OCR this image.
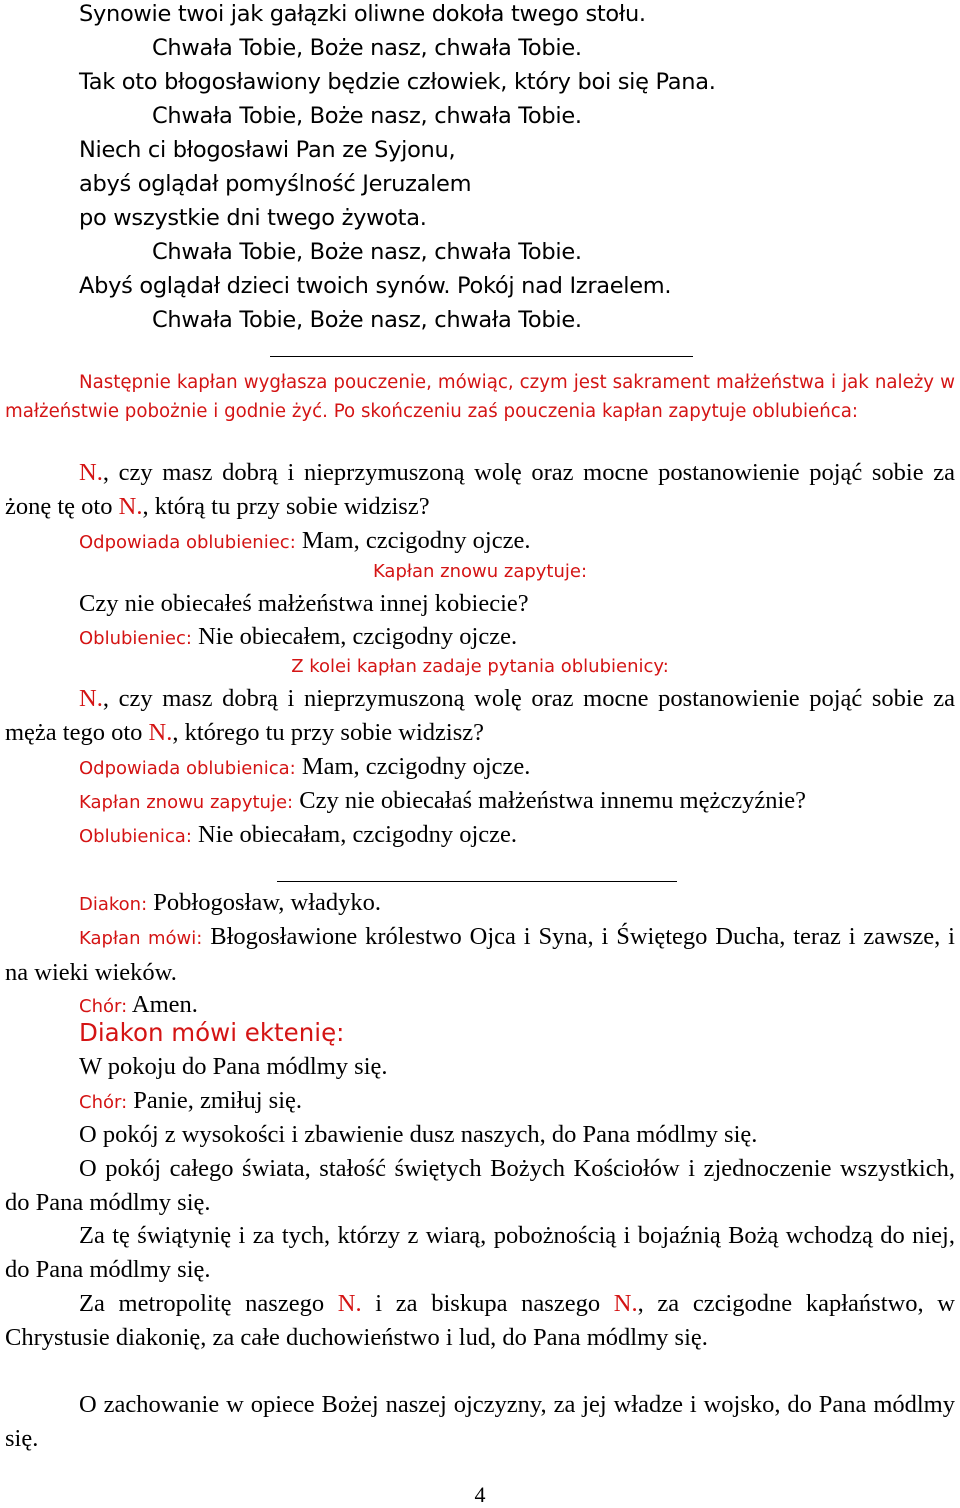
Synowie twoi jak gałązki oliwne dokoła twego stołu.
Chwała Tobie, Boże nasz, chwała Tobie.
Tak oto błogosławiony będzie człowiek, który boi się Pana.
Chwała Tobie, Boże nasz, chwała Tobie.
Niech ci błogosławi Pan ze Syjonu,
abyś oglądał pomyślność Jeruzalem
po wszystkie dni twego żywota.
Chwała Tobie, Boże nasz, chwała Tobie.
Abyś oglądał dzieci twoich synów. Pokój nad Izraelem.
Chwała Tobie, Boże nasz, chwała Tobie.
Następnie kapłan wygłasza pouczenie, mówiąc, czym jest sakrament małżeństwa i jak należy w małżeństwie pobożnie i godnie żyć. Po skończeniu zaś pouczenia kapłan zapytuje oblubieńca:
N., czy masz dobrą i nieprzymuszoną wolę oraz mocne postanowienie pojąć sobie za żonę tę oto N., którą tu przy sobie widzisz?
Odpowiada oblubieniec: Mam, czcigodny ojcze.
Kapłan znowu zapytuje:
Czy nie obiecałeś małżeństwa innej kobiecie?
Oblubieniec: Nie obiecałem, czcigodny ojcze.
Z kolei kapłan zadaje pytania oblubienicy:
N., czy masz dobrą i nieprzymuszoną wolę oraz mocne postanowienie pojąć sobie za męża tego oto N., którego tu przy sobie widzisz?
Odpowiada oblubienica: Mam, czcigodny ojcze.
Kapłan znowu zapytuje: Czy nie obiecałaś małżeństwa innemu mężczyźnie?
Oblubienica: Nie obiecałam, czcigodny ojcze.
Diakon: Pobłogosław, władyko.
Kapłan mówi: Błogosławione królestwo Ojca i Syna, i Świętego Ducha, teraz i zawsze, i na wieki wieków.
Chór: Amen.
Diakon mówi ektenię:
W pokoju do Pana módlmy się.
Chór: Panie, zmiłuj się.
O pokój z wysokości i zbawienie dusz naszych, do Pana módlmy się.
O pokój całego świata, stałość świętych Bożych Kościołów i zjednoczenie wszystkich, do Pana módlmy się.
Za tę świątynię i za tych, którzy z wiarą, pobożnością i bojaźnią Bożą wchodzą do niej, do Pana módlmy się.
Za metropolitę naszego N. i za biskupa naszego N., za czcigodne kapłaństwo, w Chrystusie diakonię, za całe duchowieństwo i lud, do Pana módlmy się.
O zachowanie w opiece Bożej naszej ojczyzny, za jej władze i wojsko, do Pana módlmy się.
4
